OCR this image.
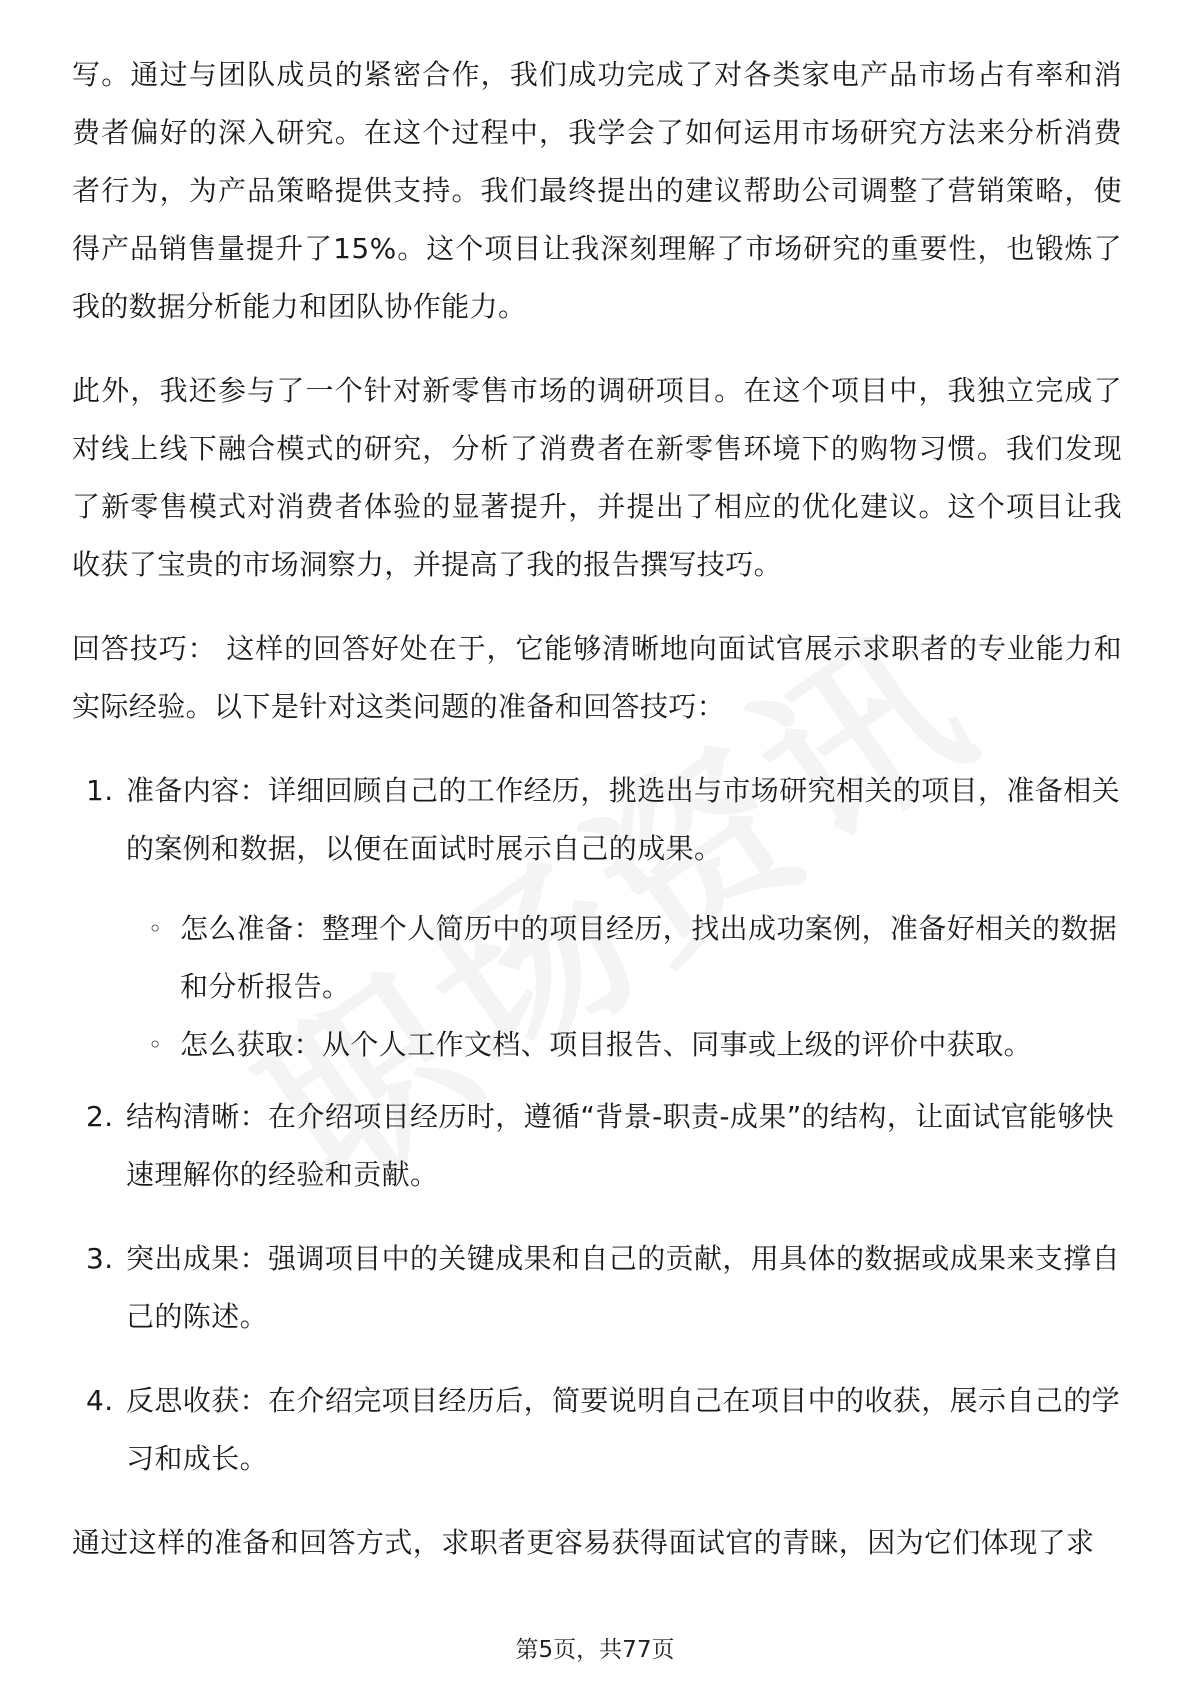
写。通过与团队成员的紧密合作，我们成功完成了对各类家电产品市场占有率和消费者偏好的深入研究。在这个过程中，我学会了如何运用市场研究方法来分析消费者行为，为产品策略提供支持。我们最终提出的建议帮助公司调整了营销策略，使得产品销售量提升了15%。这个项目让我深刻理解了市场研究的重要性，也锻炼了我的数据分析能力和团队协作能力。

此外，我还参与了一个针对新零售市场的调研项目。在这个项目中，我独立完成了对线上线下融合模式的研究，分析了消费者在新零售环境下的购物习惯。我们发现了新零售模式对消费者体验的显著提升，并提出了相应的优化建议。这个项目让我收获了宝贵的市场洞察力，并提高了我的报告撰写技巧。

回答技巧： 这样的回答好处在于，它能够清晰地向面试官展示求职者的专业能力和实际经验。以下是针对这类问题的准备和回答技巧：

1. 准备内容：详细回顾自己的工作经历，挑选出与市场研究相关的项目，准备相关的案例和数据，以便在面试时展示自己的成果。
◦ 怎么准备：整理个人简历中的项目经历，找出成功案例，准备好相关的数据和分析报告。
◦ 怎么获取：从个人工作文档、项目报告、同事或上级的评价中获取。
2. 结构清晰：在介绍项目经历时，遵循“背景-职责-成果”的结构，让面试官能够快速理解你的经验和贡献。
3. 突出成果：强调项目中的关键成果和自己的贡献，用具体的数据或成果来支撑自己的陈述。
4. 反思收获：在介绍完项目经历后，简要说明自己在项目中的收获，展示自己的学习和成长。

通过这样的准备和回答方式，求职者更容易获得面试官的青睐，因为它们体现了求

第5页，共77页
